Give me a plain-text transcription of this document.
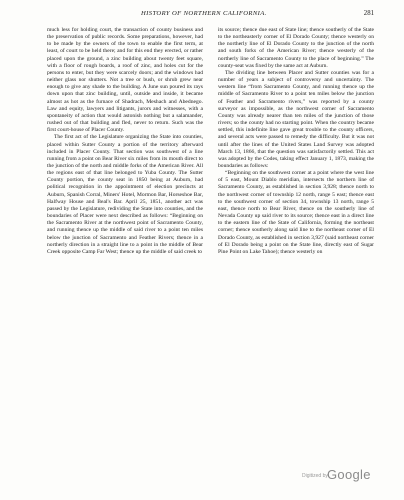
HISTORY OF NORTHERN CALIFORNIA.	281

much less for holding court, the transaction of county business and the preservation of public records. Some preparations, however, had to be made by the owners of the town to enable the first term, at least, of court to be held there; and for this end they erected, or rather placed upon the ground, a zinc building about twenty feet square, with a floor of rough boards, a roof of zinc, and holes cut for the persons to enter, but they were scarcely doors; and the windows had neither glass nor shutters. Not a tree or bush, or shrub grew near enough to give any shade to the building. A June sun poured its rays down upon that zinc building, until, outside and inside, it became almost as hot as the furnace of Shadrach, Meshach and Abednego. Law and equity, lawyers and litigants, jurors and witnesses, with a spontaneity of action that would astonish nothing but a salamander, rushed out of that building and fled, never to return. Such was the first court-house of Placer County.

The first act of the Legislature organizing the State into counties, placed within Sutter County a portion of the territory afterward included in Placer County. That section was southwest of a line running from a point on Bear River six miles from its mouth direct to the junction of the north and middle forks of the American River. All the regions east of that line belonged to Yuba County. The Sutter County portion, the county seat in 1850 being at Auburn, had political recognition in the appointment of election precincts at Auburn, Spanish Corral, Miners' Hotel, Mormon Bar, Horseshoe Bar, Halfway House and Beal's Bar. April 25, 1851, another act was passed by the Legislature, redividing the State into counties, and the boundaries of Placer were next described as follows: “Beginning on the Sacramento River at the northwest point of Sacramento County, and running thence up the middle of said river to a point ten miles below the junction of Sacramento and Feather Rivers; thence in a northerly direction in a straight line to a point in the middle of Bear Creek opposite Camp Far West; thence up the middle of said creek to

its source; thence due east of State line; thence southerly of the State to the northeasterly corner of El Dorado County; thence westerly on the northerly line of El Dorado County to the junction of the north and south forks of the American River; thence westerly of the northerly line of Sacramento County to the place of beginning.” The county-seat was fixed by the same act at Auburn.

The dividing line between Placer and Sutter counties was for a number of years a subject of controversy and uncertainty. The western line “from Sacramento County, and running thence up the middle of Sacramento River to a point ten miles below the junction of Feather and Sacramento rivers,” was reported by a county surveyor as impossible, as the northwest corner of Sacramento County was already nearer than ten miles of the junction of those rivers; so the county had no starting point. When the country became settled, this indefinite line gave great trouble to the county officers, and several acts were passed to remedy the difficulty. But it was not until after the lines of the United States Land Survey was adopted March 13, 1866, that the question was satisfactorily settled. This act was adopted by the Codes, taking effect January 1, 1873, making the boundaries as follows:

“Beginning on the southwest corner at a point where the west line of 5 east, Mount Diablo meridian, intersects the northern line of Sacramento County, as established in section 3,928; thence north to the northwest corner of township 12 north, range 5 east; thence east to the southwest corner of section 34, township 13 north, range 5 east, thence north to Bear River, thence on the southerly line of Nevada County up said river to its source; thence east in a direct line to the eastern line of the State of California, forming the northeast corner; thence southerly along said line to the northeast corner of El Dorado County, as established in section 3,927 (said northeast corner of El Dorado being a point on the State line, directly east of Sugar Pine Point on Lake Tahoe); thence westerly on

Digitized by Google
